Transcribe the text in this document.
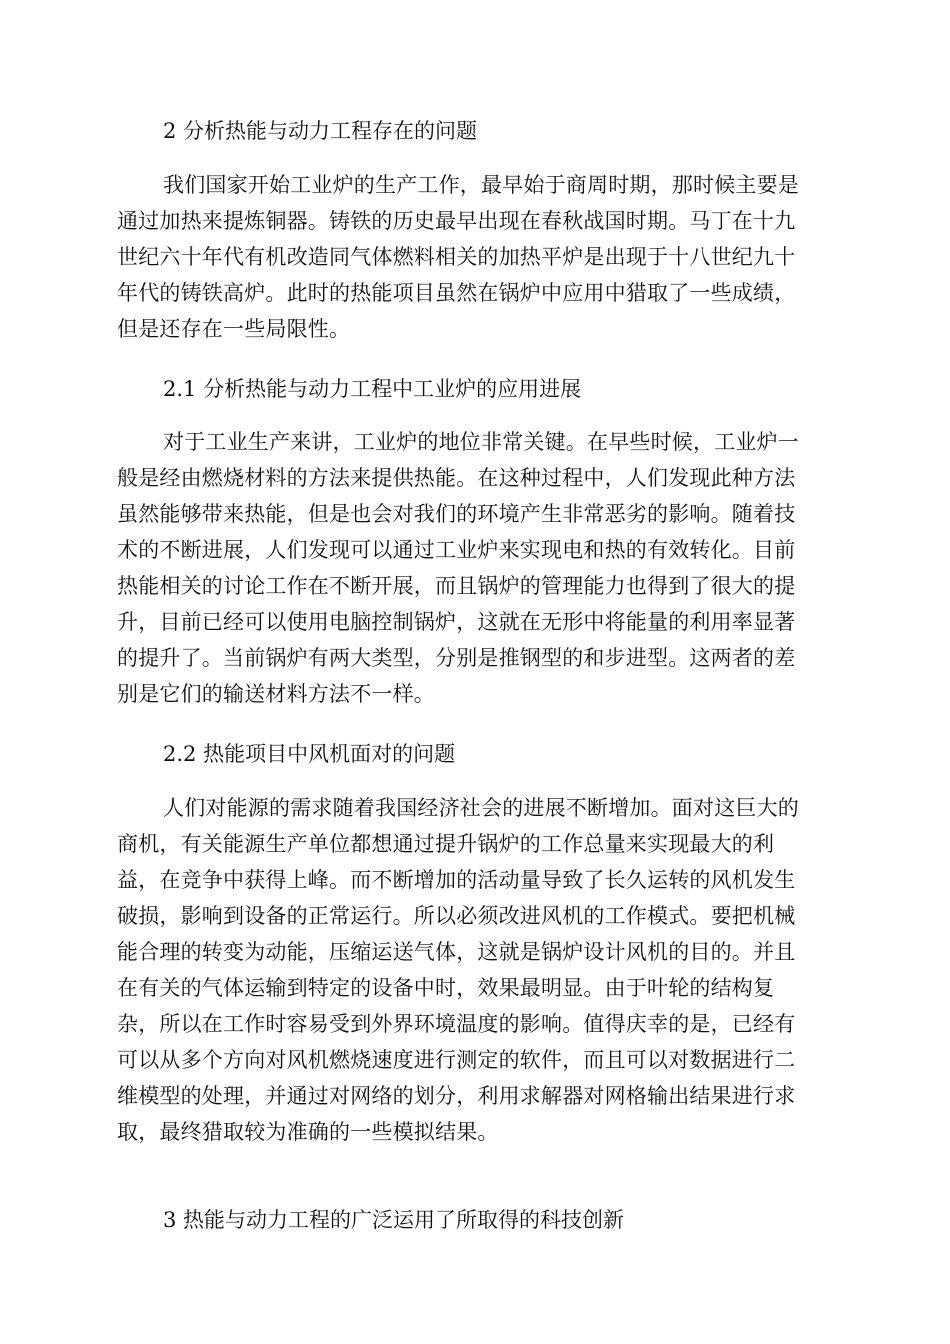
2 分析热能与动力工程存在的问题

我们国家开始工业炉的生产工作，最早始于商周时期，那时候主要是

通过加热来提炼铜器。铸铁的历史最早出现在春秋战国时期。马丁在十九

世纪六十年代有机改造同气体燃料相关的加热平炉是出现于十八世纪九十

年代的铸铁高炉。此时的热能项目虽然在锅炉中应用中猎取了一些成绩，

但是还存在一些局限性。

2.1 分析热能与动力工程中工业炉的应用进展

对于工业生产来讲，工业炉的地位非常关键。在早些时候，工业炉一

般是经由燃烧材料的方法来提供热能。在这种过程中，人们发现此种方法

虽然能够带来热能，但是也会对我们的环境产生非常恶劣的影响。随着技

术的不断进展，人们发现可以通过工业炉来实现电和热的有效转化。目前

热能相关的讨论工作在不断开展，而且锅炉的管理能力也得到了很大的提

升，目前已经可以使用电脑控制锅炉，这就在无形中将能量的利用率显著

的提升了。当前锅炉有两大类型，分别是推钢型的和步进型。这两者的差

别是它们的输送材料方法不一样。

2.2 热能项目中风机面对的问题

人们对能源的需求随着我国经济社会的进展不断增加。面对这巨大的

商机，有关能源生产单位都想通过提升锅炉的工作总量来实现最大的利

益，在竞争中获得上峰。而不断增加的活动量导致了长久运转的风机发生

破损，影响到设备的正常运行。所以必须改进风机的工作模式。要把机械

能合理的转变为动能，压缩运送气体，这就是锅炉设计风机的目的。并且

在有关的气体运输到特定的设备中时，效果最明显。由于叶轮的结构复

杂，所以在工作时容易受到外界环境温度的影响。值得庆幸的是，已经有

可以从多个方向对风机燃烧速度进行测定的软件，而且可以对数据进行二

维模型的处理，并通过对网络的划分，利用求解器对网格输出结果进行求

取，最终猎取较为准确的一些模拟结果。

3 热能与动力工程的广泛运用了所取得的科技创新
